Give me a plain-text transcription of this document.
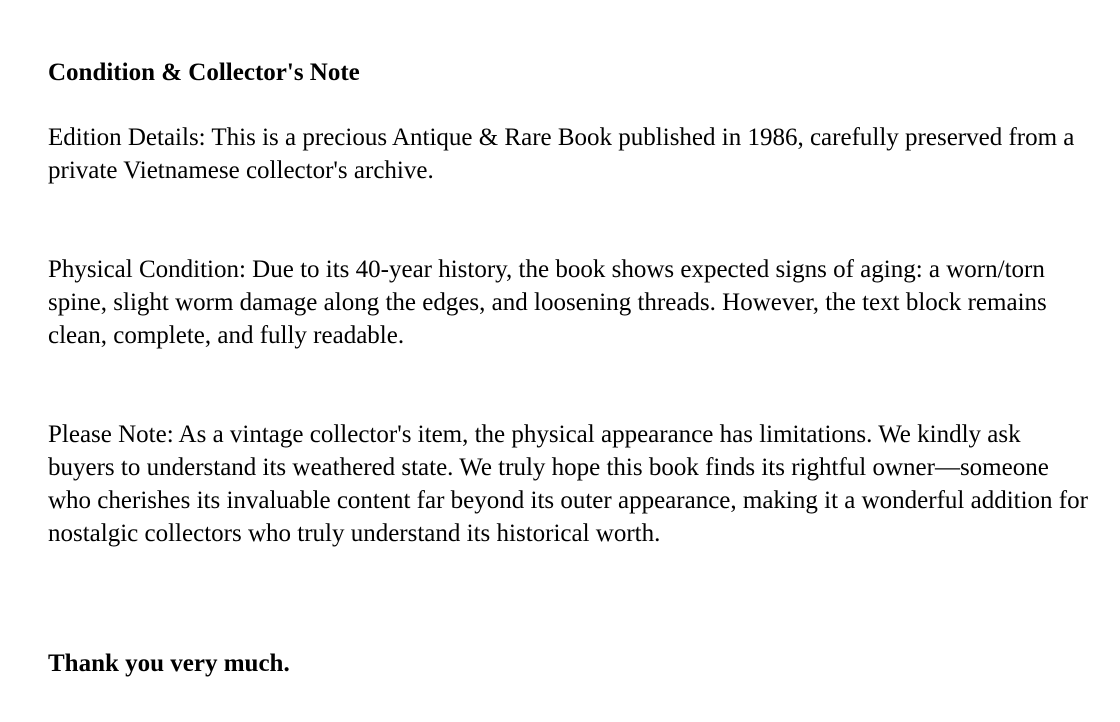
Condition & Collector's Note
Edition Details: This is a precious Antique & Rare Book published in 1986, carefully preserved from a private Vietnamese collector's archive.
Physical Condition: Due to its 40-year history, the book shows expected signs of aging: a worn/torn spine, slight worm damage along the edges, and loosening threads. However, the text block remains clean, complete, and fully readable.
Please Note: As a vintage collector's item, the physical appearance has limitations. We kindly ask buyers to understand its weathered state. We truly hope this book finds its rightful owner—someone who cherishes its invaluable content far beyond its outer appearance, making it a wonderful addition for nostalgic collectors who truly understand its historical worth.
Thank you very much.
